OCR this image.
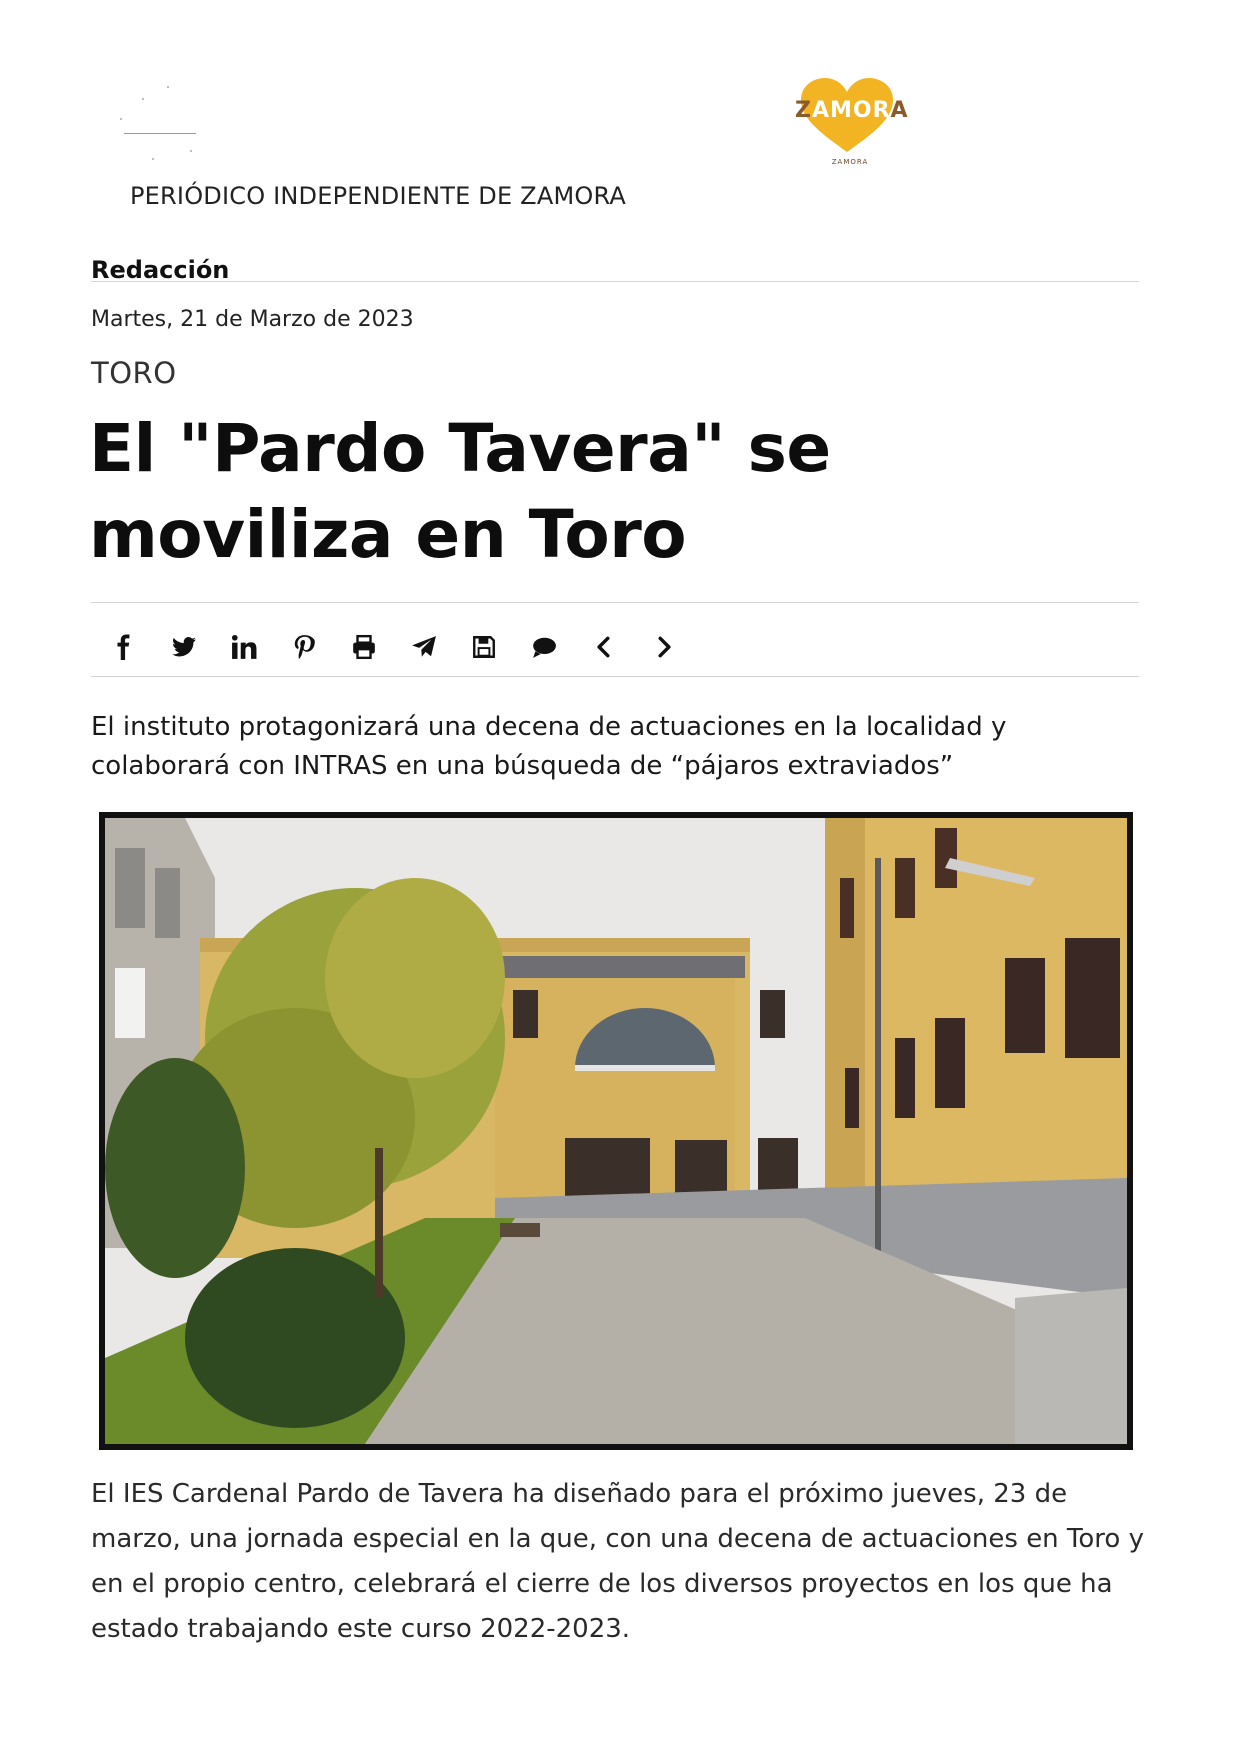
PERIÓDICO INDEPENDIENTE DE ZAMORA
ZAMORA
ZAMORA
Redacción
Martes, 21 de Marzo de 2023
TORO
El "Pardo Tavera" se moviliza en Toro
El instituto protagonizará una decena de actuaciones en la localidad y colaborará con INTRAS en una búsqueda de “pájaros extraviados”
El IES Cardenal Pardo de Tavera ha diseñado para el próximo jueves, 23 de marzo, una jornada especial en la que, con una decena de actuaciones en Toro y en el propio centro, celebrará el cierre de los diversos proyectos en los que ha estado trabajando este curso 2022-2023.
